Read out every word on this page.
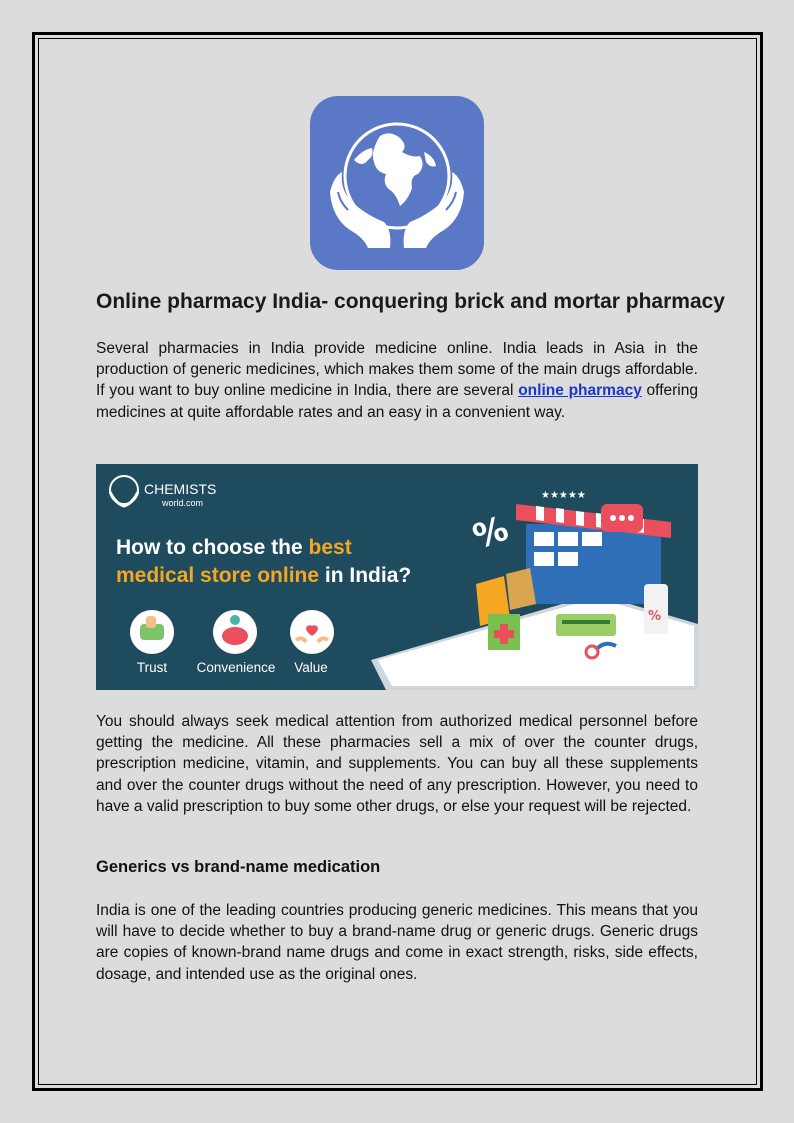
Online pharmacy India- conquering brick and mortar pharmacy
Several pharmacies in India provide medicine online. India leads in Asia in the production of generic medicines, which makes them some of the main drugs affordable. If you want to buy online medicine in India, there are several online pharmacy offering medicines at quite affordable rates and an easy in a convenient way.
CHEMISTS
world.com
How to choose the best
medical store online in India?
Trust Convenience Value
★★★★★
%
%
You should always seek medical attention from authorized medical personnel before getting the medicine. All these pharmacies sell a mix of over the counter drugs, prescription medicine, vitamin, and supplements. You can buy all these supplements and over the counter drugs without the need of any prescription. However, you need to have a valid prescription to buy some other drugs, or else your request will be rejected.
Generics vs brand-name medication
India is one of the leading countries producing generic medicines. This means that you will have to decide whether to buy a brand-name drug or generic drugs. Generic drugs are copies of known-brand name drugs and come in exact strength, risks, side effects, dosage, and intended use as the original ones.
